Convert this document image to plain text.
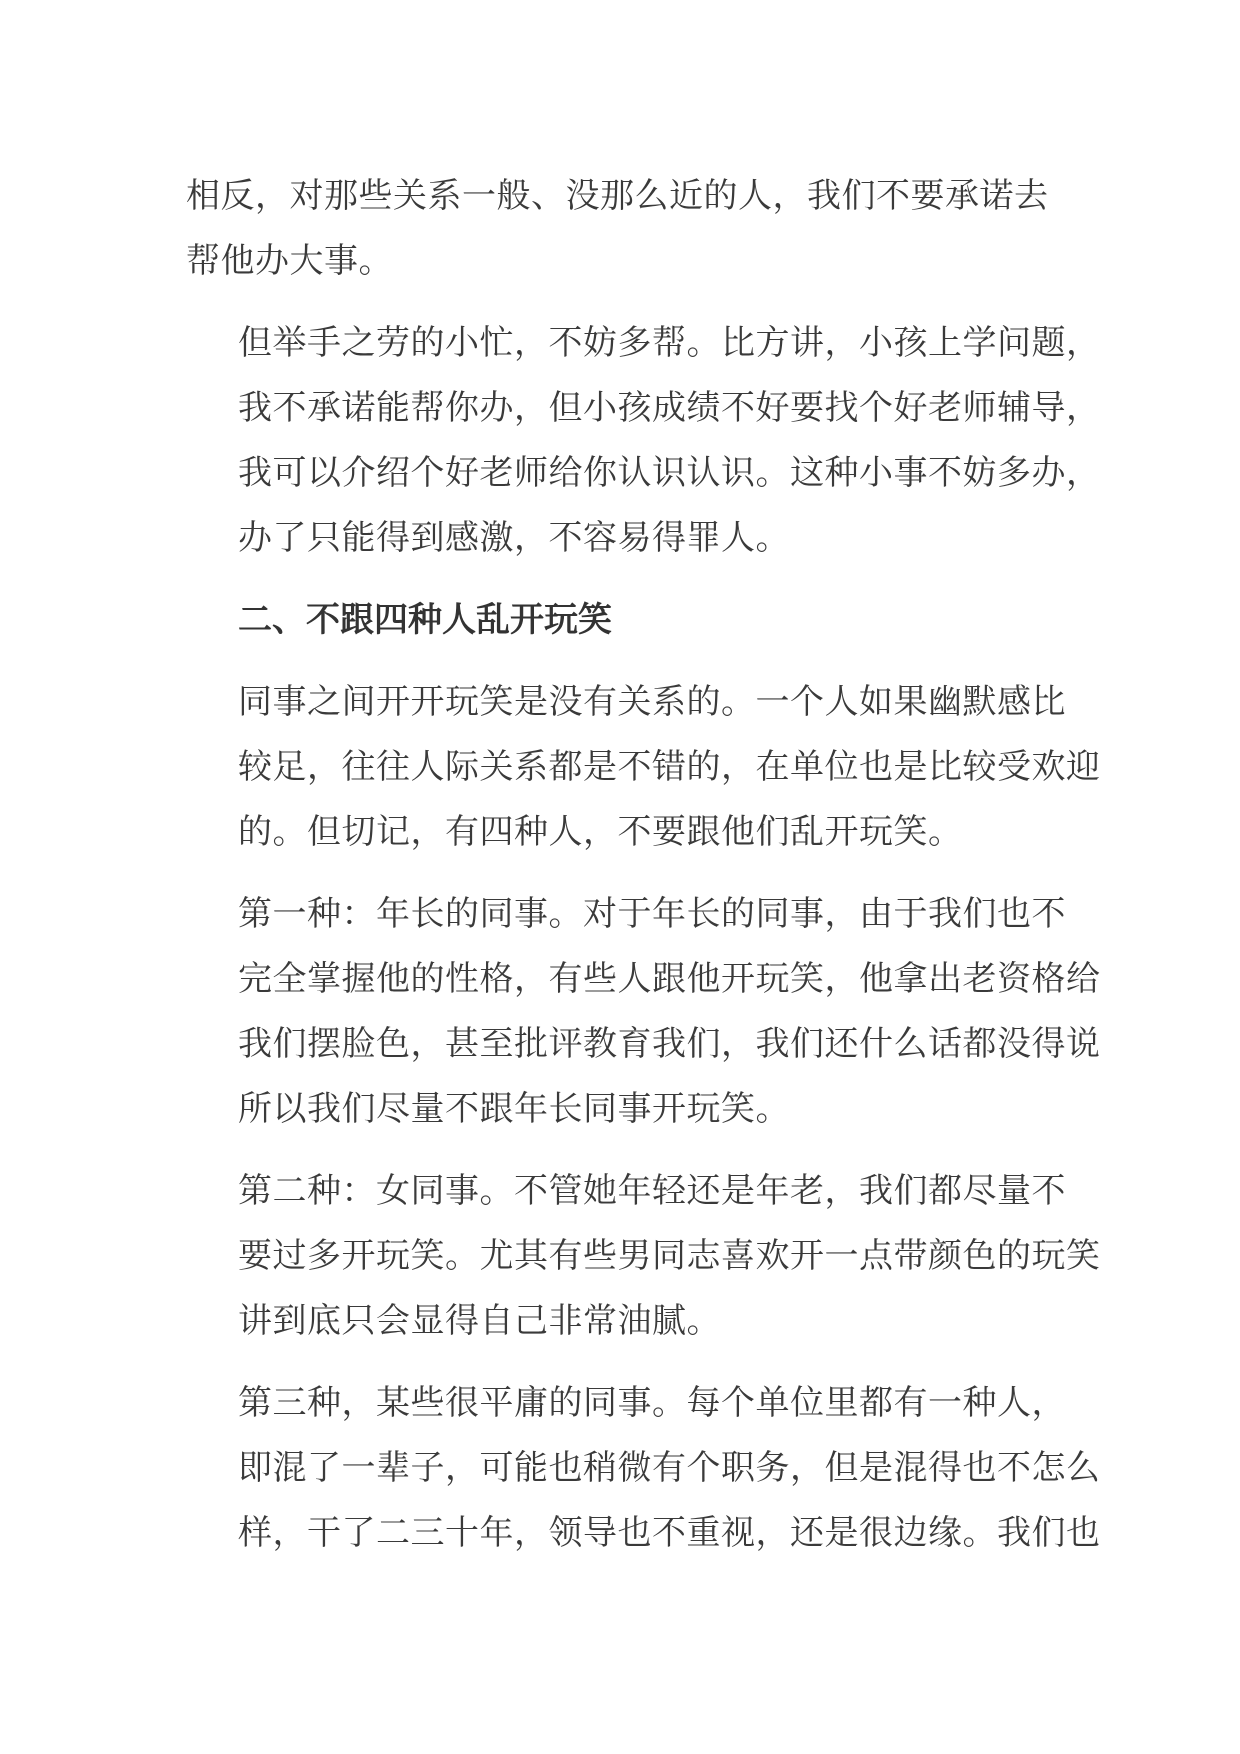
相反，对那些关系一般、没那么近的人，我们不要承诺去
帮他办大事。

但举手之劳的小忙，不妨多帮。比方讲，小孩上学问题，
我不承诺能帮你办，但小孩成绩不好要找个好老师辅导，
我可以介绍个好老师给你认识认识。这种小事不妨多办，
办了只能得到感激，不容易得罪人。

二、不跟四种人乱开玩笑

同事之间开开玩笑是没有关系的。一个人如果幽默感比
较足，往往人际关系都是不错的，在单位也是比较受欢迎
的。但切记，有四种人，不要跟他们乱开玩笑。

第一种：年长的同事。对于年长的同事，由于我们也不
完全掌握他的性格，有些人跟他开玩笑，他拿出老资格给
我们摆脸色，甚至批评教育我们，我们还什么话都没得说
所以我们尽量不跟年长同事开玩笑。

第二种：女同事。不管她年轻还是年老，我们都尽量不
要过多开玩笑。尤其有些男同志喜欢开一点带颜色的玩笑
讲到底只会显得自己非常油腻。

第三种，某些很平庸的同事。每个单位里都有一种人，
即混了一辈子，可能也稍微有个职务，但是混得也不怎么
样，干了二三十年，领导也不重视，还是很边缘。我们也
